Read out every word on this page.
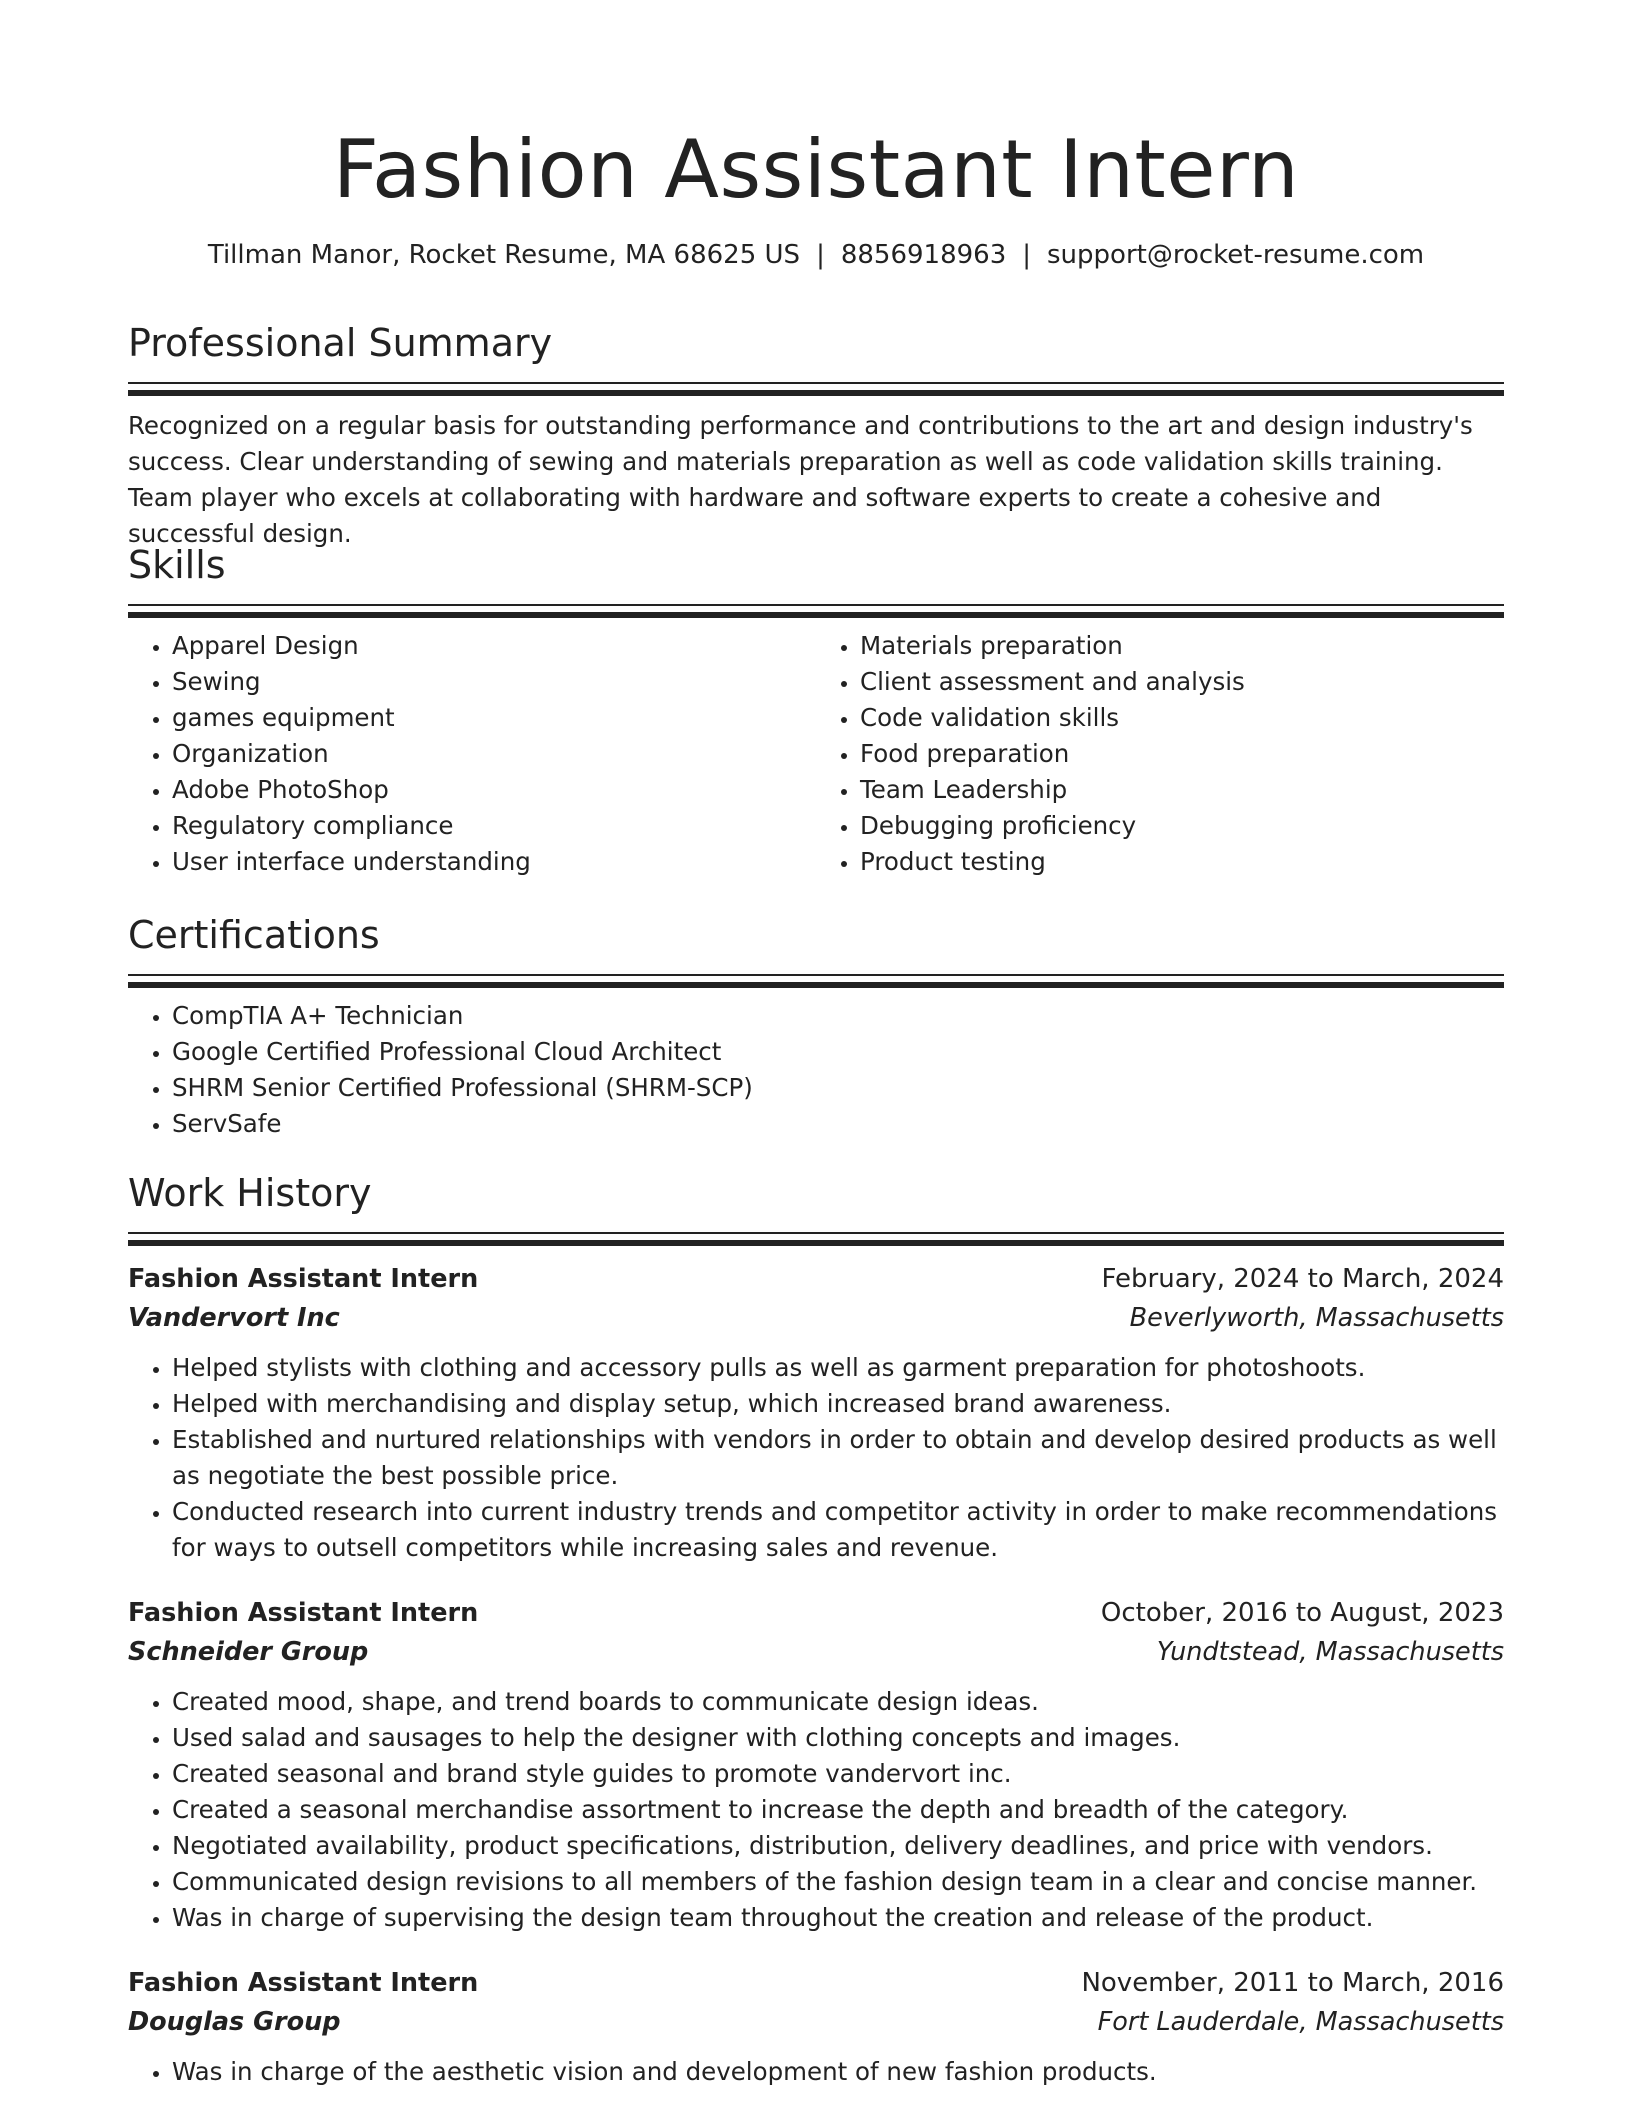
Fashion Assistant Intern
Tillman Manor, Rocket Resume, MA 68625 US | 8856918963 | support@rocket-resume.com
Professional Summary

Recognized on a regular basis for outstanding performance and contributions to the art and design industry's success. Clear understanding of sewing and materials preparation as well as code validation skills training. Team player who excels at collaborating with hardware and software experts to create a cohesive and successful design.

Skills
• Apparel Design
• Sewing
• games equipment
• Organization
• Adobe PhotoShop
• Regulatory compliance
• User interface understanding
• Materials preparation
• Client assessment and analysis
• Code validation skills
• Food preparation
• Team Leadership
• Debugging proficiency
• Product testing
Certifications
• CompTIA A+ Technician
• Google Certified Professional Cloud Architect
• SHRM Senior Certified Professional (SHRM-SCP)
• ServSafe
Work History
Fashion Assistant Intern	February, 2024 to March, 2024
Vandervort Inc	Beverlyworth, Massachusetts
• Helped stylists with clothing and accessory pulls as well as garment preparation for photoshoots.
• Helped with merchandising and display setup, which increased brand awareness.
• Established and nurtured relationships with vendors in order to obtain and develop desired products as well as negotiate the best possible price.
• Conducted research into current industry trends and competitor activity in order to make recommendations for ways to outsell competitors while increasing sales and revenue.
Fashion Assistant Intern	October, 2016 to August, 2023
Schneider Group	Yundtstead, Massachusetts
• Created mood, shape, and trend boards to communicate design ideas.
• Used salad and sausages to help the designer with clothing concepts and images.
• Created seasonal and brand style guides to promote vandervort inc.
• Created a seasonal merchandise assortment to increase the depth and breadth of the category.
• Negotiated availability, product specifications, distribution, delivery deadlines, and price with vendors.
• Communicated design revisions to all members of the fashion design team in a clear and concise manner.
• Was in charge of supervising the design team throughout the creation and release of the product.
Fashion Assistant Intern	November, 2011 to March, 2016
Douglas Group	Fort Lauderdale, Massachusetts
• Was in charge of the aesthetic vision and development of new fashion products.
